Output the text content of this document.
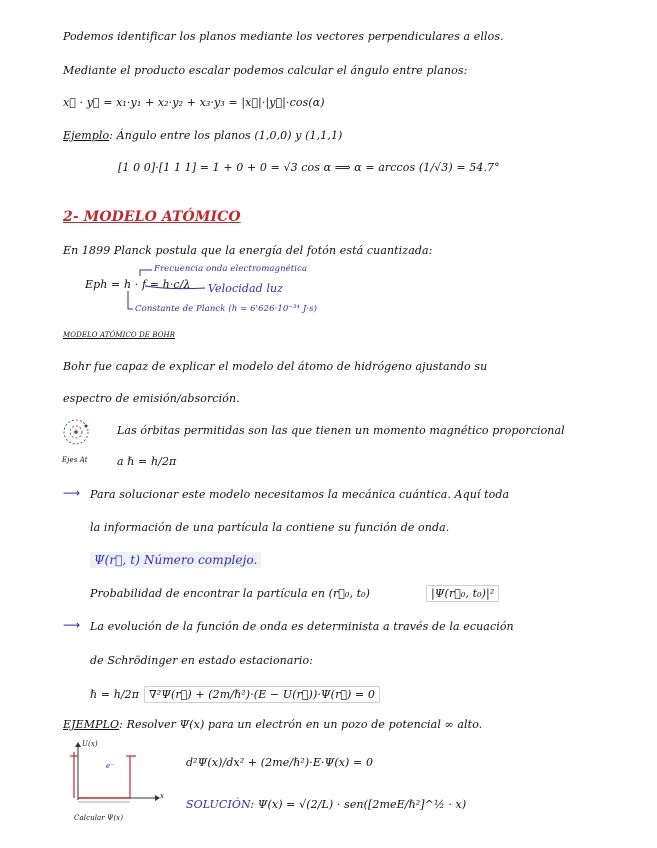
Podemos identificar los planos mediante los vectores perpendiculares a ellos.
Mediante el producto escalar podemos calcular el ángulo entre planos:
x⃗ · y⃗ = x₁·y₁ + x₂·y₂ + x₃·y₃ = |x⃗|·|y⃗|·cos(α)
Ejemplo: Ángulo entre los planos (1,0,0) y (1,1,1)
[1 0 0]·[1 1 1] = 1 + 0 + 0 = √3 cos α ⟹ α = arccos (1/√3) = 54.7°
2- MODELO ATÓMICO
En 1899 Planck postula que la energía del fotón está cuantizada:
Eph = h · f = h·c/λ
Frecuencia onda electromagnética
Velocidad luz
Constante de Planck (h = 6'626·10⁻³⁴ J·s)
MODELO ATÓMICO DE BOHR
Bohr fue capaz de explicar el modelo del átomo de hidrógeno ajustando su
espectro de emisión/absorción.
Ejes At
Las órbitas permitidas son las que tienen un momento magnético proporcional
a ℏ = h/2π
⟶ Para solucionar este modelo necesitamos la mecánica cuántica. Aquí toda
la información de una partícula la contiene su función de onda.
Ψ(r⃗, t) Número complejo.
Probabilidad de encontrar la partícula en (r⃗₀, t₀)	|Ψ(r⃗₀, t₀)|²
⟶ La evolución de la función de onda es determinista a través de la ecuación
de Schrödinger en estado estacionario:
ℏ = h/2π ∇²Ψ(r⃗) + (2m/ℏ²)·(E − U(r⃗))·Ψ(r⃗) = 0
EJEMPLO: Resolver Ψ(x) para un electrón en un pozo de potencial ∞ alto.
U(x)
x
e⁻
Calcular Ψ(x)
d²Ψ(x)/dx² + (2me/ℏ²)·E·Ψ(x) = 0
SOLUCIÓN: Ψ(x) = √(2/L) · sen([2meE/ℏ²]^½ · x)
